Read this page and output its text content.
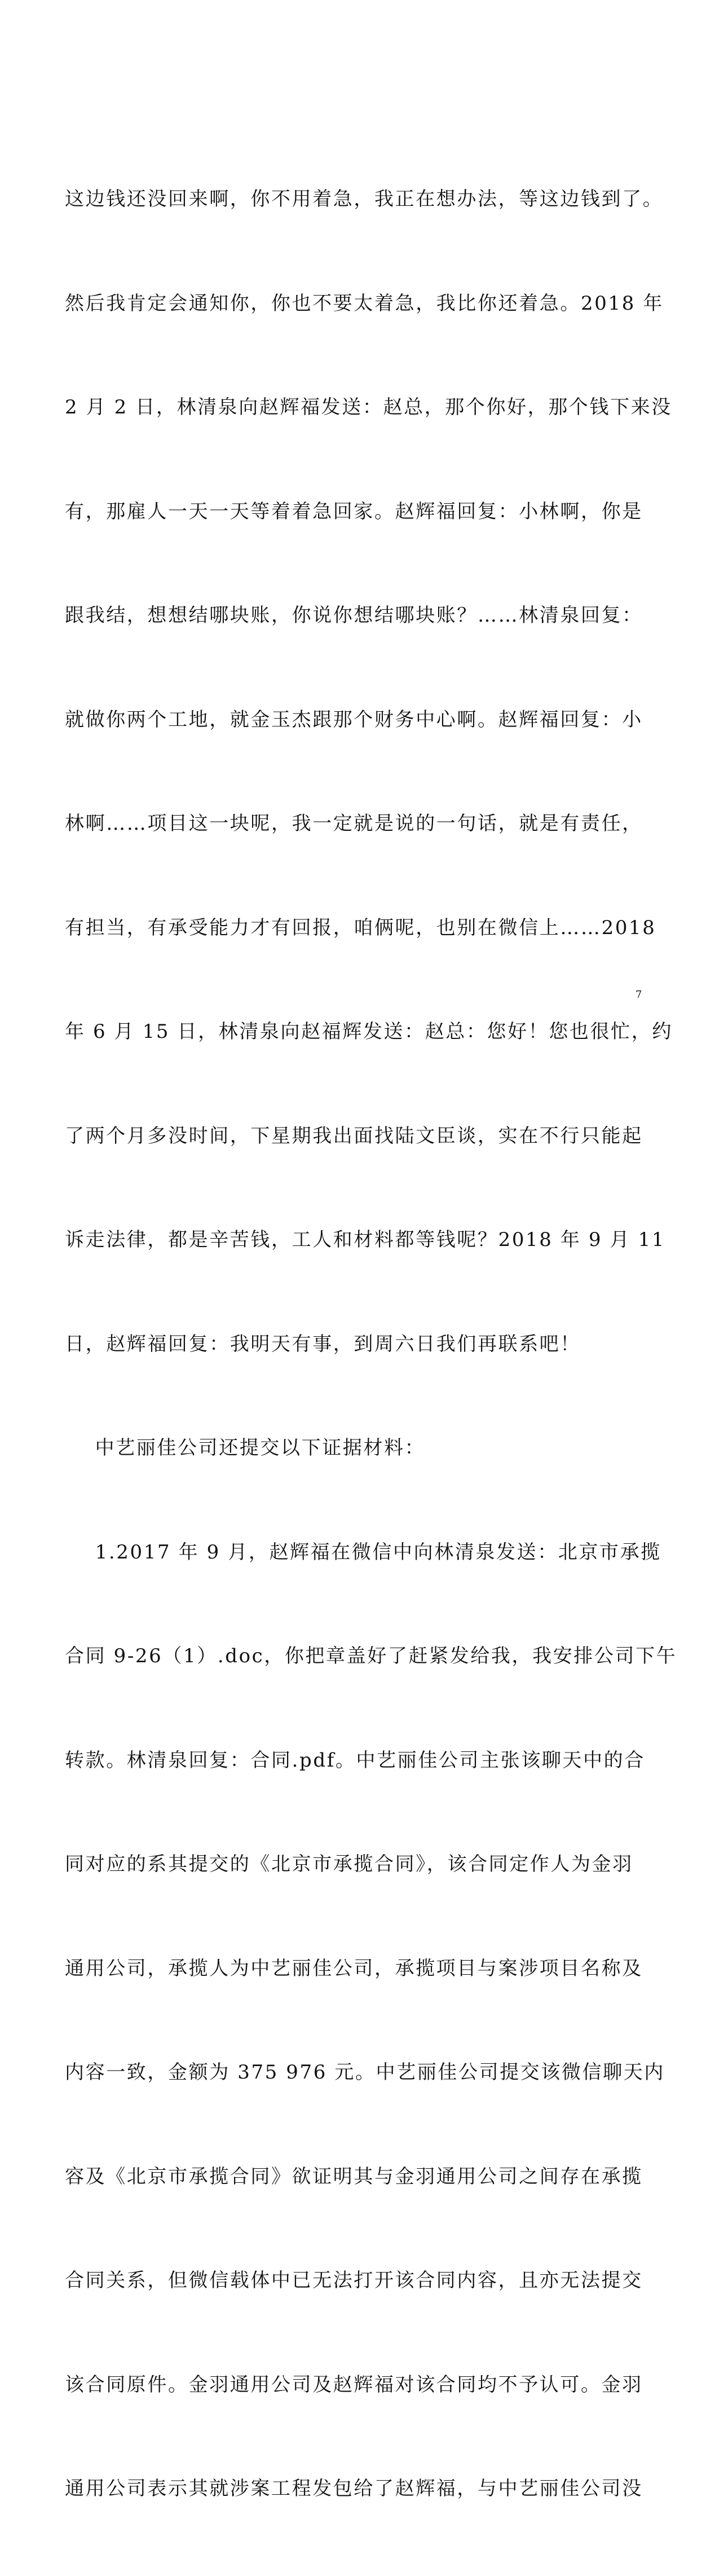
这边钱还没回来啊，你不用着急，我正在想办法，等这边钱到了。

然后我肯定会通知你，你也不要太着急，我比你还着急。2018 年

2 月 2 日，林清泉向赵辉福发送：赵总，那个你好，那个钱下来没

有，那雇人一天一天等着着急回家。赵辉福回复：小林啊，你是

跟我结，想想结哪块账，你说你想结哪块账？……林清泉回复：

就做你两个工地，就金玉杰跟那个财务中心啊。赵辉福回复：小

林啊……项目这一块呢，我一定就是说的一句话，就是有责任，

有担当，有承受能力才有回报，咱俩呢，也别在微信上……2018

年 6 月 15 日，林清泉向赵福辉发送：赵总：您好！您也很忙，约

了两个月多没时间，下星期我出面找陆文臣谈，实在不行只能起

诉走法律，都是辛苦钱，工人和材料都等钱呢？2018 年 9 月 11

日，赵辉福回复：我明天有事，到周六日我们再联系吧！

中艺丽佳公司还提交以下证据材料：

1.2017 年 9 月，赵辉福在微信中向林清泉发送：北京市承揽

合同 9-26（1）.doc，你把章盖好了赶紧发给我，我安排公司下午

转款。林清泉回复：合同.pdf。中艺丽佳公司主张该聊天中的合

同对应的系其提交的《北京市承揽合同》，该合同定作人为金羽

通用公司，承揽人为中艺丽佳公司，承揽项目与案涉项目名称及

内容一致，金额为 375 976 元。中艺丽佳公司提交该微信聊天内

容及《北京市承揽合同》欲证明其与金羽通用公司之间存在承揽

合同关系，但微信载体中已无法打开该合同内容，且亦无法提交

该合同原件。金羽通用公司及赵辉福对该合同均不予认可。金羽

通用公司表示其就涉案工程发包给了赵辉福，与中艺丽佳公司没

7
